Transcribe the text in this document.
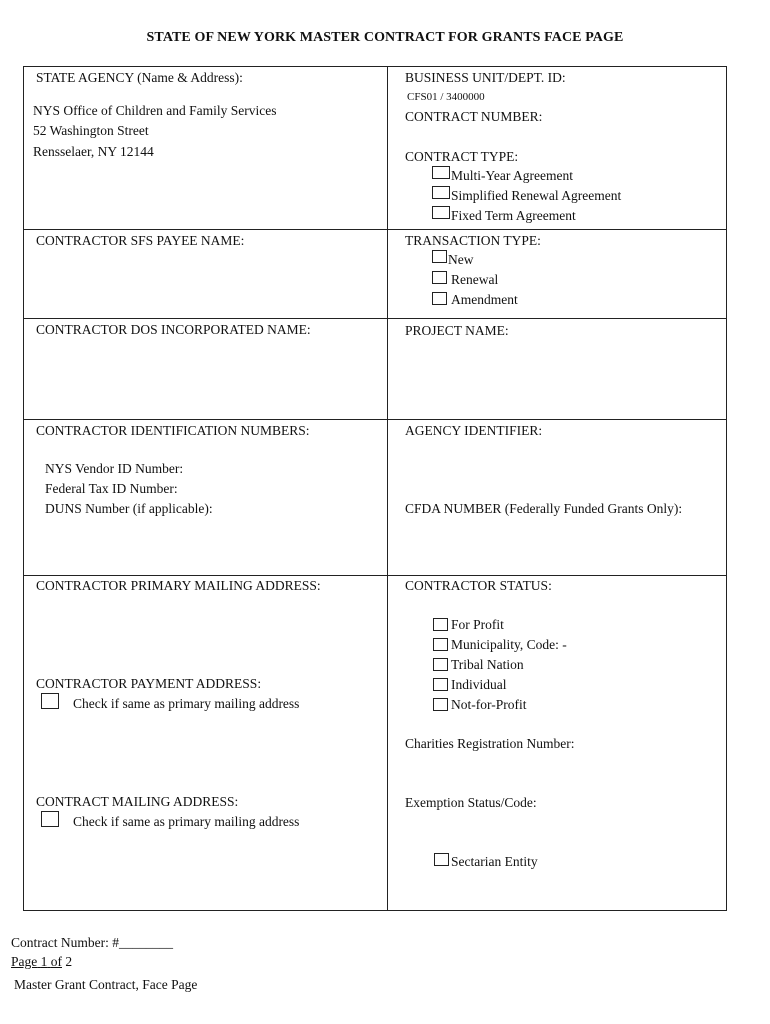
STATE OF NEW YORK MASTER CONTRACT FOR GRANTS FACE PAGE
STATE AGENCY (Name & Address):
NYS Office of Children and Family Services
52 Washington Street
Rensselaer, NY 12144
CONTRACTOR SFS PAYEE NAME:
CONTRACTOR DOS INCORPORATED NAME:
CONTRACTOR IDENTIFICATION NUMBERS:
NYS Vendor ID Number:
Federal Tax ID Number:
DUNS Number (if applicable):
CONTRACTOR PRIMARY MAILING ADDRESS:
CONTRACTOR PAYMENT ADDRESS:
Check if same as primary mailing address
CONTRACT MAILING ADDRESS:
Check if same as primary mailing address
BUSINESS UNIT/DEPT. ID:
CFS01 / 3400000
CONTRACT NUMBER:
CONTRACT TYPE:
Multi-Year Agreement
Simplified Renewal Agreement
Fixed Term Agreement
TRANSACTION TYPE:
New
Renewal
Amendment
PROJECT NAME:
AGENCY IDENTIFIER:
CFDA NUMBER (Federally Funded Grants Only):
CONTRACTOR STATUS:
For Profit
Municipality, Code: -
Tribal Nation
Individual
Not-for-Profit
Charities Registration Number:
Exemption Status/Code:
Sectarian Entity
Contract Number: #________
Page 1 of 2
Master Grant Contract, Face Page
